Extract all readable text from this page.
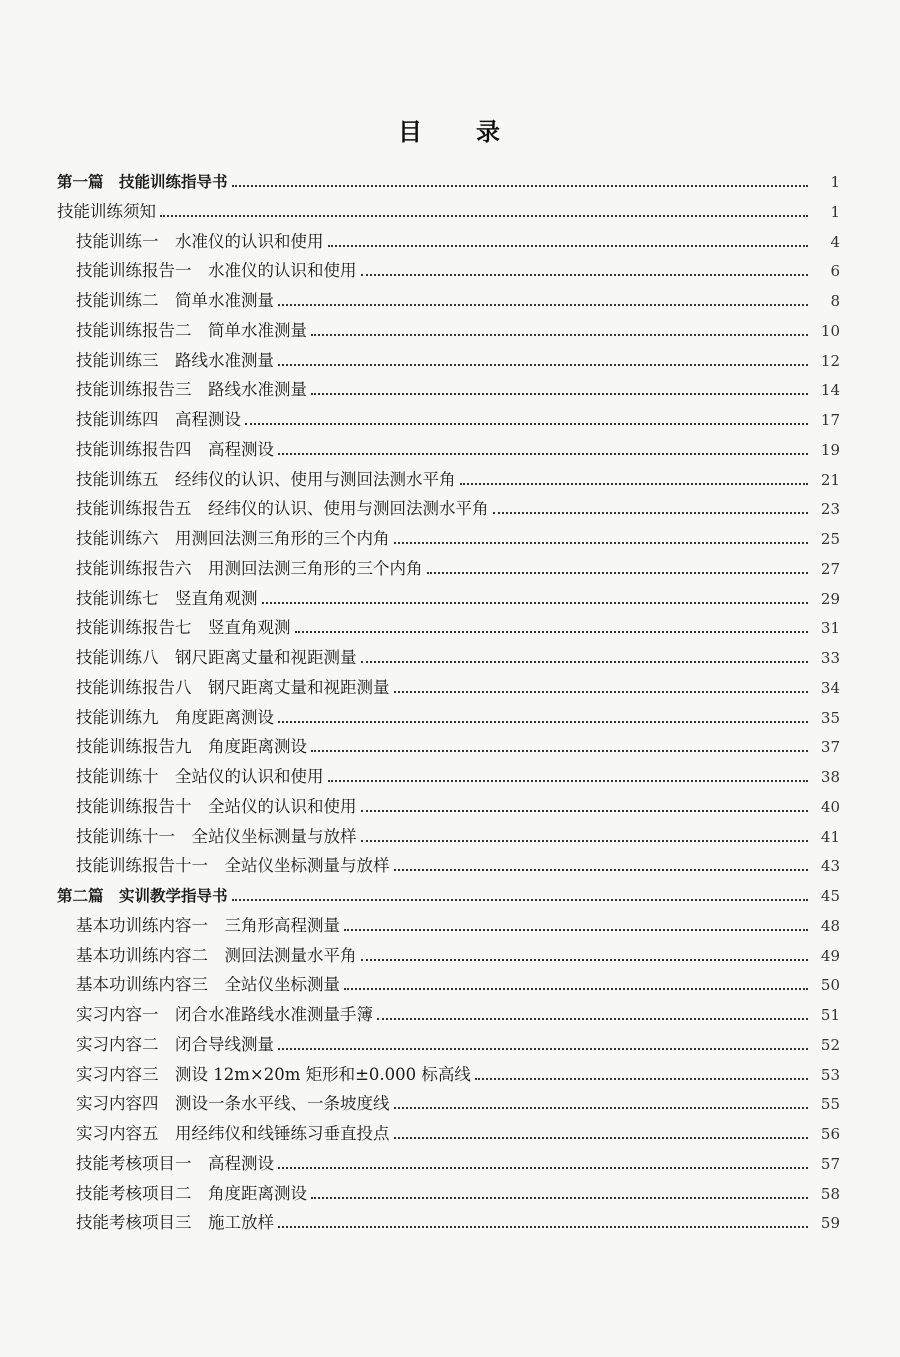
目　　录
第一篇　技能训练指导书	1
技能训练须知	1
技能训练一　水准仪的认识和使用	4
技能训练报告一　水准仪的认识和使用	6
技能训练二　简单水准测量	8
技能训练报告二　简单水准测量	10
技能训练三　路线水准测量	12
技能训练报告三　路线水准测量	14
技能训练四　高程测设	17
技能训练报告四　高程测设	19
技能训练五　经纬仪的认识、使用与测回法测水平角	21
技能训练报告五　经纬仪的认识、使用与测回法测水平角	23
技能训练六　用测回法测三角形的三个内角	25
技能训练报告六　用测回法测三角形的三个内角	27
技能训练七　竖直角观测	29
技能训练报告七　竖直角观测	31
技能训练八　钢尺距离丈量和视距测量	33
技能训练报告八　钢尺距离丈量和视距测量	34
技能训练九　角度距离测设	35
技能训练报告九　角度距离测设	37
技能训练十　全站仪的认识和使用	38
技能训练报告十　全站仪的认识和使用	40
技能训练十一　全站仪坐标测量与放样	41
技能训练报告十一　全站仪坐标测量与放样	43
第二篇　实训教学指导书	45
基本功训练内容一　三角形高程测量	48
基本功训练内容二　测回法测量水平角	49
基本功训练内容三　全站仪坐标测量	50
实习内容一　闭合水准路线水准测量手簿	51
实习内容二　闭合导线测量	52
实习内容三　测设 12m×20m 矩形和±0.000 标高线	53
实习内容四　测设一条水平线、一条坡度线	55
实习内容五　用经纬仪和线锤练习垂直投点	56
技能考核项目一　高程测设	57
技能考核项目二　角度距离测设	58
技能考核项目三　施工放样	59
